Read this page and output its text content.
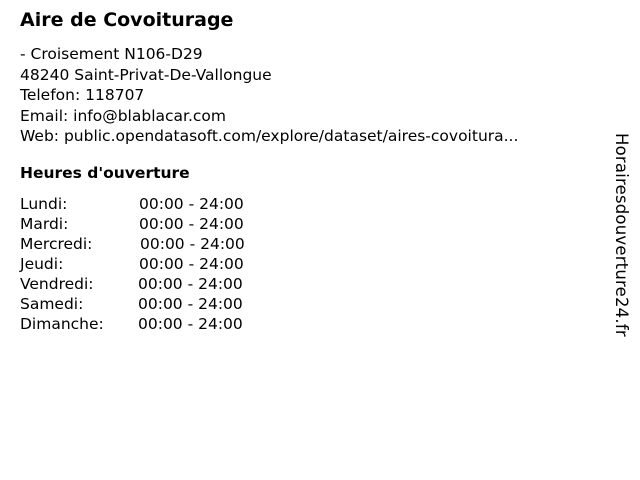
Aire de Covoiturage
- Croisement N106-D29
48240 Saint-Privat-De-Vallongue
Telefon: 118707
Email: info@blablacar.com
Web: public.opendatasoft.com/explore/dataset/aires-covoitura...
Heures d'ouverture
Lundi:	00:00 - 24:00
Mardi:	00:00 - 24:00
Mercredi:	00:00 - 24:00
Jeudi:	00:00 - 24:00
Vendredi:	00:00 - 24:00
Samedi:	00:00 - 24:00
Dimanche: 00:00 - 24:00	Horairesdouverture24.fr
